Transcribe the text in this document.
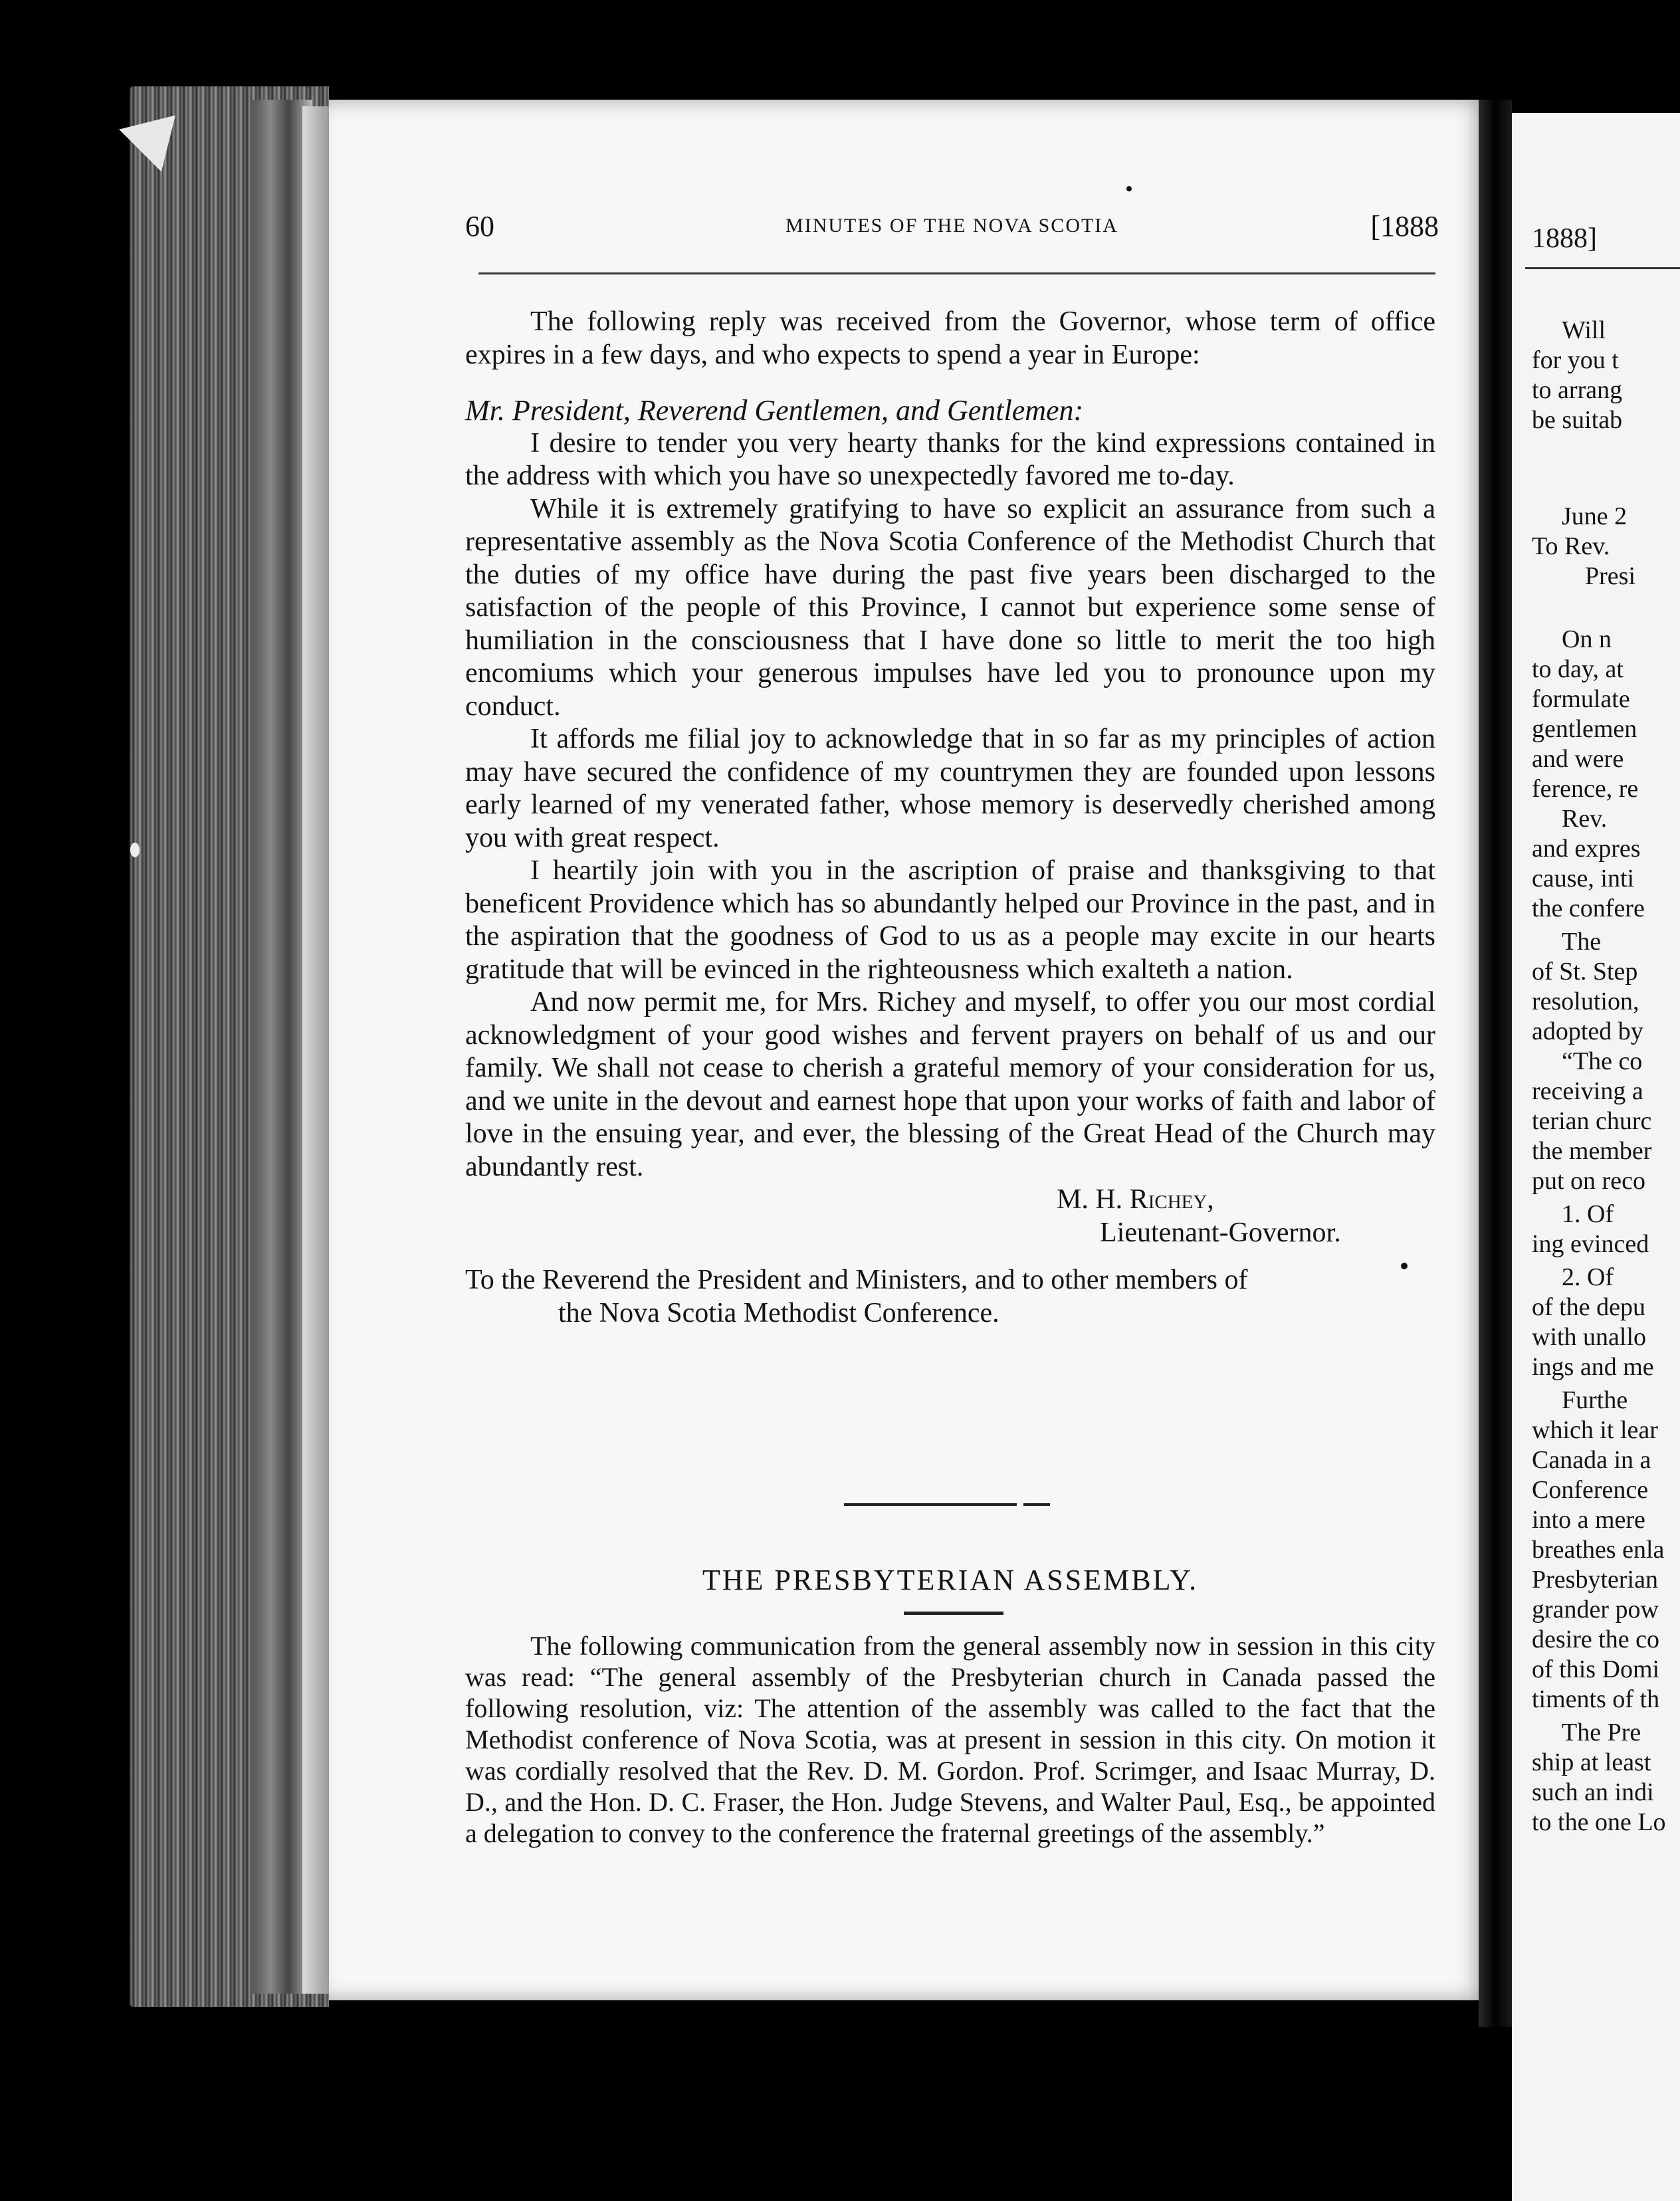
60	MINUTES OF THE NOVA SCOTIA	[1888

The following reply was received from the Governor, whose term of office expires in a few days, and who expects to spend a year in Europe:

Mr. President, Reverend Gentlemen, and Gentlemen:

I desire to tender you very hearty thanks for the kind expressions contained in the address with which you have so unexpectedly favored me to-day.

While it is extremely gratifying to have so explicit an assurance from such a representative assembly as the Nova Scotia Conference of the Methodist Church that the duties of my office have during the past five years been discharged to the satisfaction of the people of this Province, I cannot but experience some sense of humiliation in the consciousness that I have done so little to merit the too high encomiums which your generous impulses have led you to pronounce upon my conduct.

It affords me filial joy to acknowledge that in so far as my principles of action may have secured the confidence of my countrymen they are founded upon lessons early learned of my venerated father, whose memory is deservedly cherished among you with great respect.

I heartily join with you in the ascription of praise and thanksgiving to that beneficent Providence which has so abundantly helped our Province in the past, and in the aspiration that the goodness of God to us as a people may excite in our hearts gratitude that will be evinced in the righteousness which exalteth a nation.

And now permit me, for Mrs. Richey and myself, to offer you our most cordial acknowledgment of your good wishes and fervent prayers on behalf of us and our family. We shall not cease to cherish a grateful memory of your consideration for us, and we unite in the devout and earnest hope that upon your works of faith and labor of love in the ensuing year, and ever, the blessing of the Great Head of the Church may abundantly rest.

M. H. Richey,

Lieutenant-Governor.

To the Reverend the President and Ministers, and to other members of

the Nova Scotia Methodist Conference.

THE PRESBYTERIAN ASSEMBLY.

The following communication from the general assembly now in session in this city was read: “The general assembly of the Presbyterian church in Canada passed the following resolution, viz: The attention of the assembly was called to the fact that the Methodist conference of Nova Scotia, was at present in session in this city. On motion it was cordially resolved that the Rev. D. M. Gordon. Prof. Scrimger, and Isaac Murray, D. D., and the Hon. D. C. Fraser, the Hon. Judge Stevens, and Walter Paul, Esq., be appointed a delegation to convey to the conference the fraternal greetings of the assembly.”

1888]
Will
for you t
to arrang
be suitab
June 2
To Rev.
Presi
On n
to day, at
formulate
gentlemen
and were
ference, re
Rev.
and expres
cause, inti
the confere
The
of St. Step
resolution,
adopted by
“The co
receiving a
terian churc
the member
put on reco
1. Of
ing evinced
2. Of
of the depu
with unallo
ings and me
Furthe
which it lear
Canada in a
Conference
into a mere
breathes enla
Presbyterian
grander pow
desire the co
of this Domi
timents of th
The Pre
ship at least
such an indi
to the one Lo
